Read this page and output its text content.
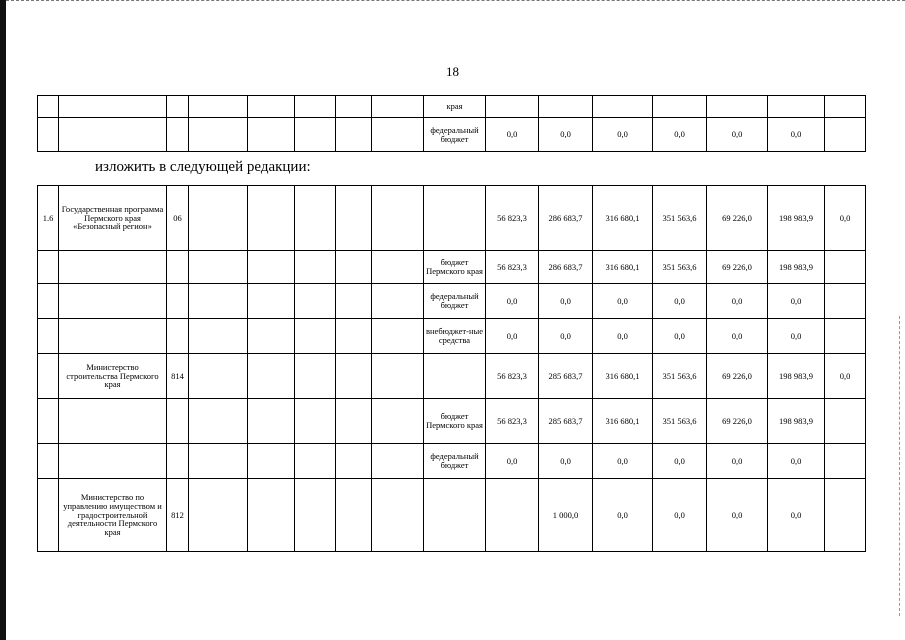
18
								края							
								федеральный бюджет	0,0	0,0	0,0	0,0	0,0	0,0	
изложить в следующей редакции:
1.6	Государственная программа Пермского края «Безопасный регион»	06							56 823,3	286 683,7	316 680,1	351 563,6	69 226,0	198 983,9	0,0
								бюджет Пермского края	56 823,3	286 683,7	316 680,1	351 563,6	69 226,0	198 983,9	
								федеральный бюджет	0,0	0,0	0,0	0,0	0,0	0,0	
								внебюджет-ные средства	0,0	0,0	0,0	0,0	0,0	0,0	
	Министерство строительства Пермского края	814							56 823,3	285 683,7	316 680,1	351 563,6	69 226,0	198 983,9	0,0
								бюджет Пермского края	56 823,3	285 683,7	316 680,1	351 563,6	69 226,0	198 983,9	
								федеральный бюджет	0,0	0,0	0,0	0,0	0,0	0,0	
	Министерство по управлению имуществом и градостроительной деятельности Пермского края	812								1 000,0	0,0	0,0	0,0	0,0	
